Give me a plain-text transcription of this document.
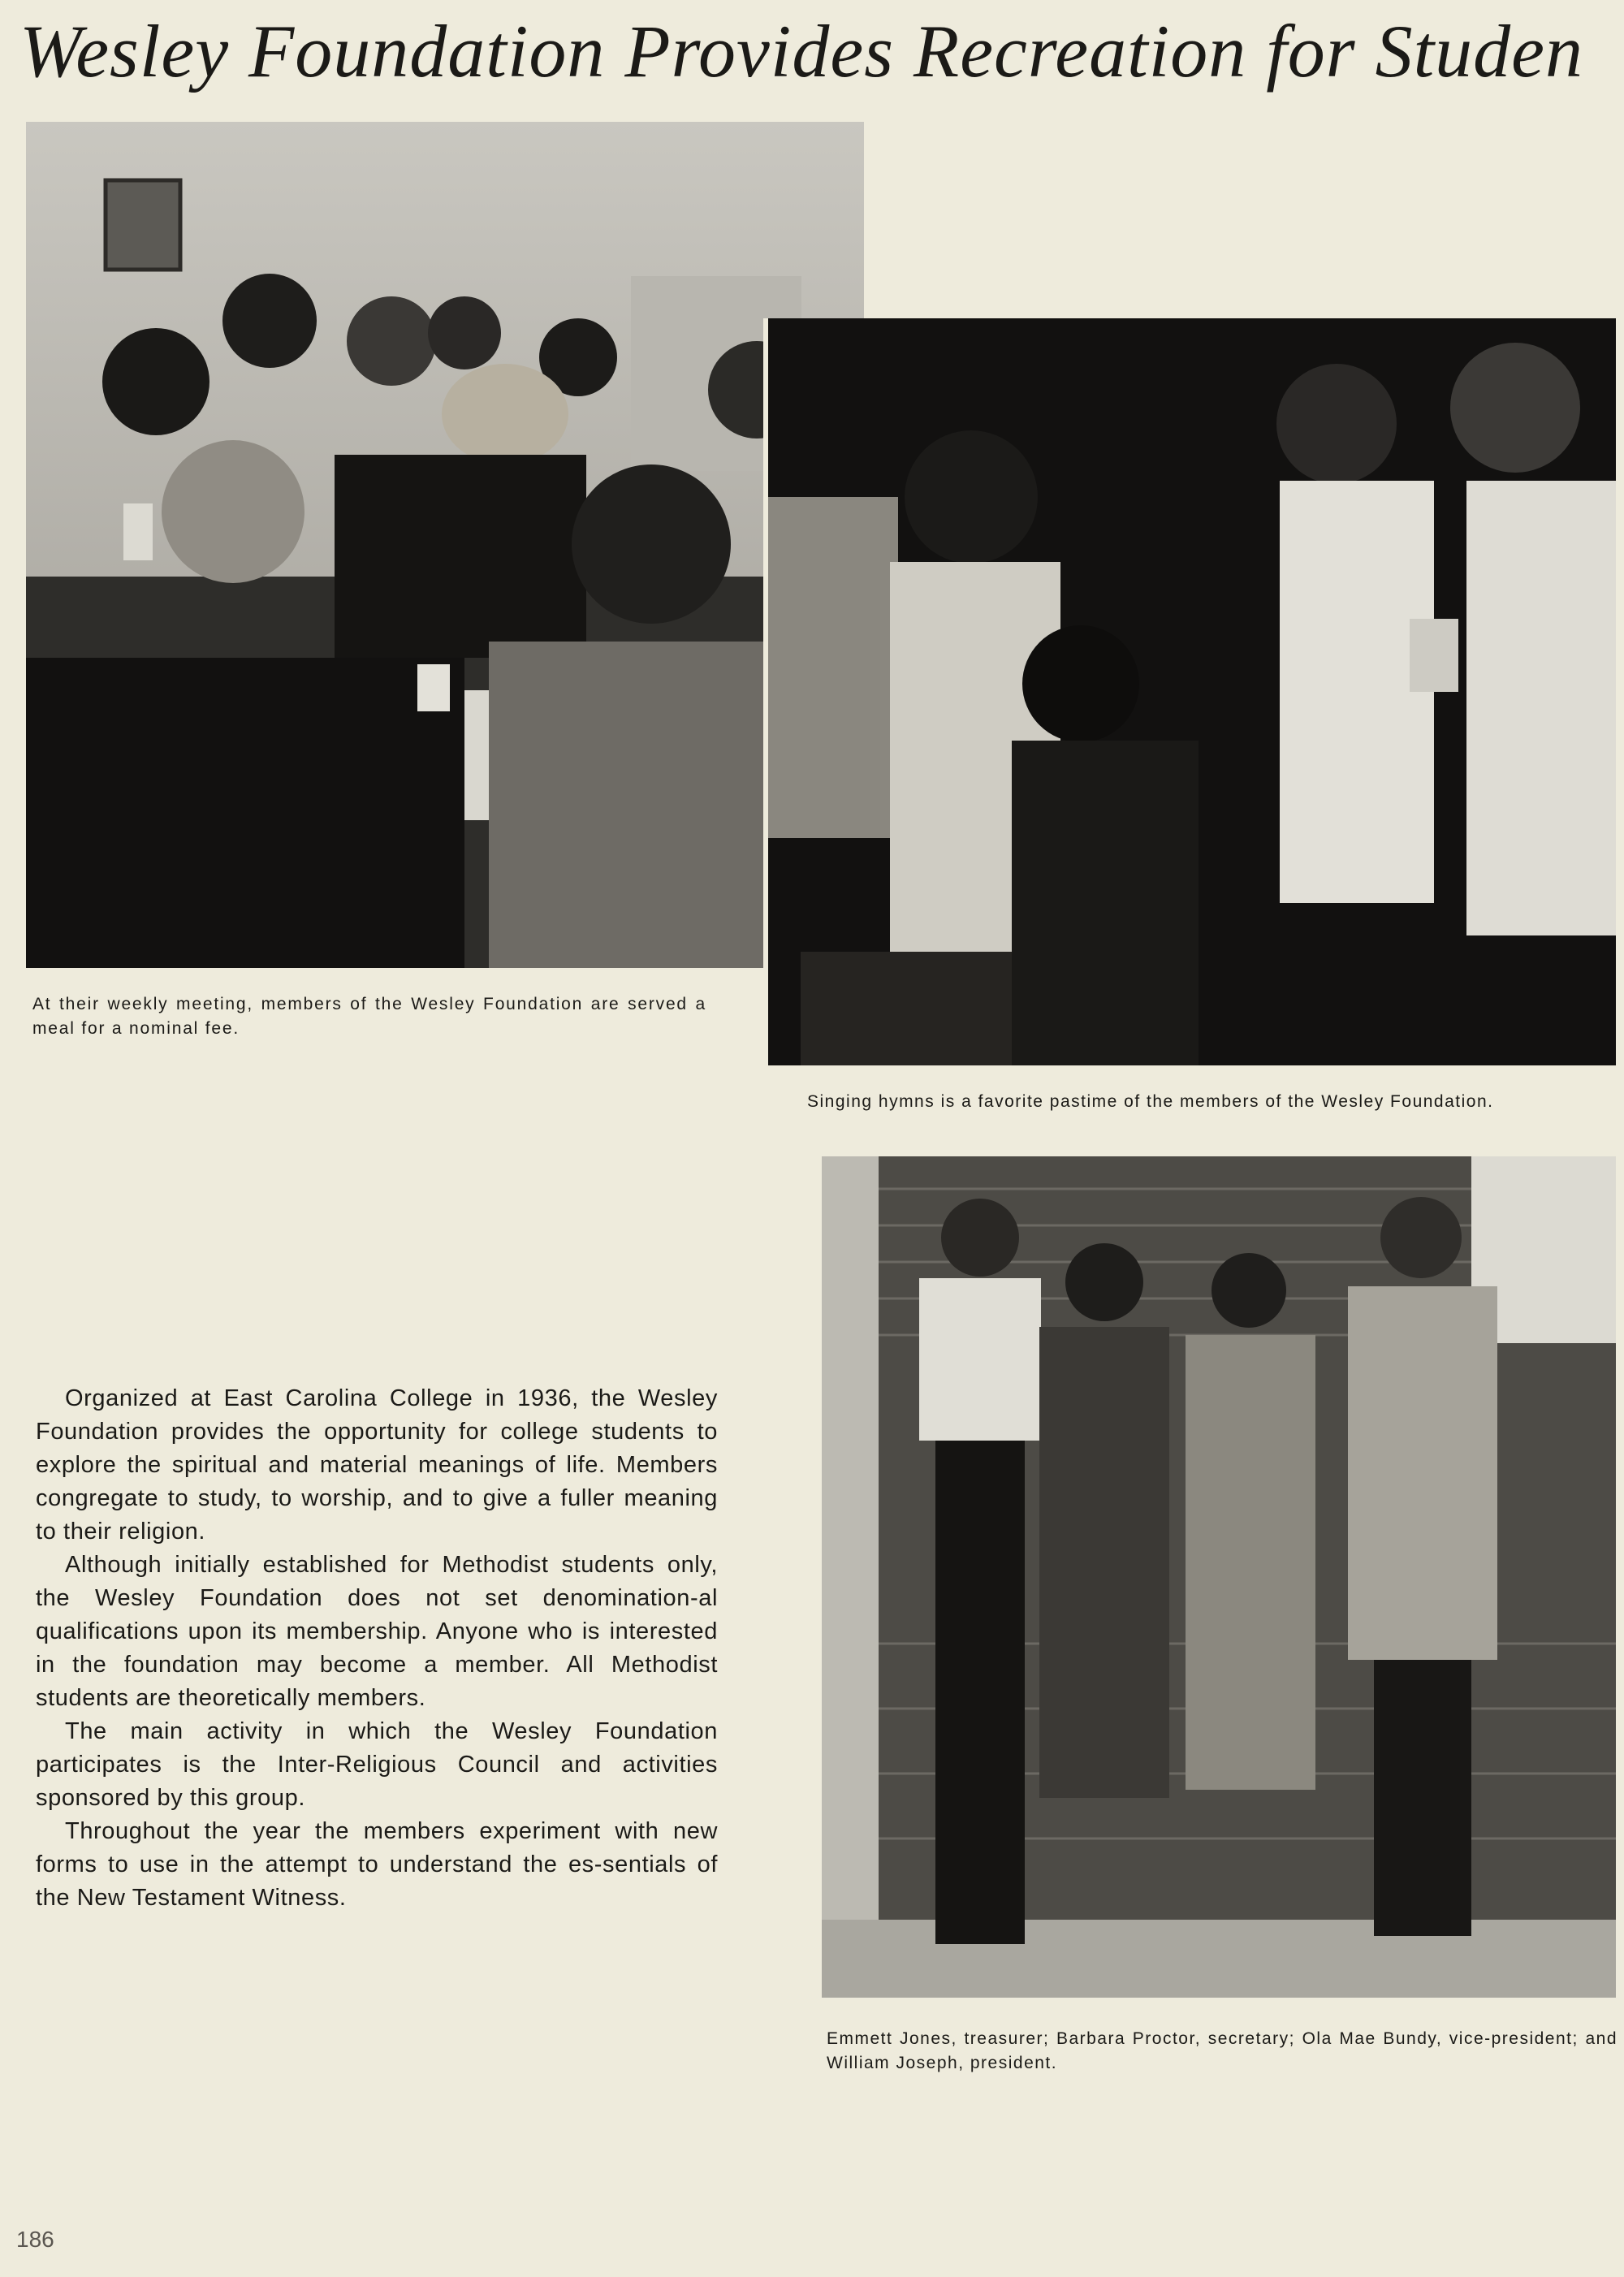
Wesley Foundation Provides Recreation for Studen
At their weekly meeting, members of the Wesley Foundation are served a meal for a nominal fee.
Singing hymns is a favorite pastime of the members of the Wesley Foundation.
Emmett Jones, treasurer; Barbara Proctor, secretary; Ola Mae Bundy, vice-president; and William Joseph, president.

Organized at East Carolina College in 1936, the Wesley Foundation provides the opportunity for college students to explore the spiritual and material meanings of life. Members congregate to study, to worship, and to give a fuller meaning to their religion.

Although initially established for Methodist students only, the Wesley Foundation does not set denomination-al qualifications upon its membership. Anyone who is interested in the foundation may become a member. All Methodist students are theoretically members.

The main activity in which the Wesley Foundation participates is the Inter-Religious Council and activities sponsored by this group.

Throughout the year the members experiment with new forms to use in the attempt to understand the es-sentials of the New Testament Witness.

186
